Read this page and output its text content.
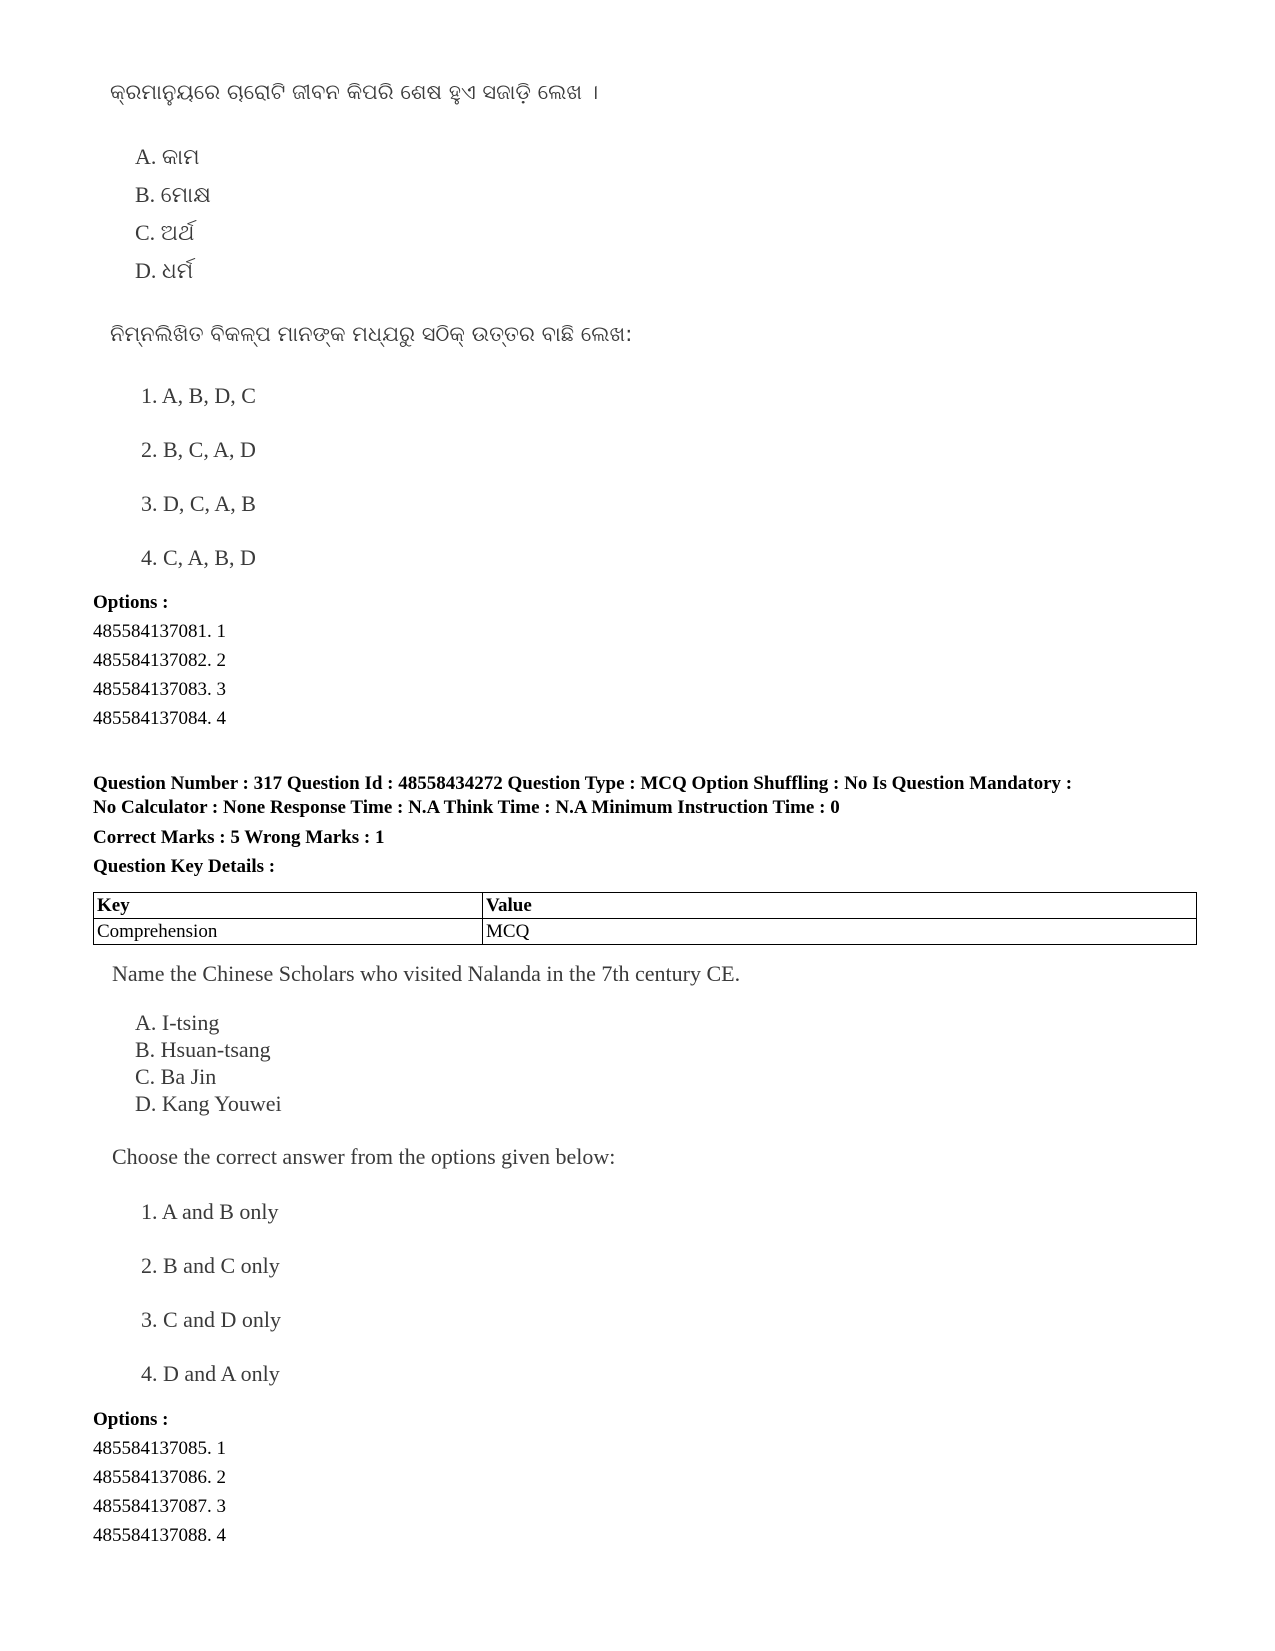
କ୍ରମାନୁୟରେ ଚାରୋଟି ଜୀବନ କିପରି ଶେଷ ହୁଏ ସଜାଡ଼ି ଲେଖ ।
A. କାମ
B. ମୋକ୍ଷ
C. ଅର୍ଥ
D. ଧର୍ମ
ନିମ୍ନଲିଖିତ ବିକଳ୍ପ ମାନଙ୍କ ମଧ୍ଯରୁ ସଠିକ୍ ଉତ୍ତର ବାଛି ଲେଖ:
1. A, B, D, C
2. B, C, A, D
3. D, C, A, B
4. C, A, B, D
Options :
485584137081. 1
485584137082. 2
485584137083. 3
485584137084. 4
Question Number : 317 Question Id : 48558434272 Question Type : MCQ Option Shuffling : No Is Question Mandatory :
No Calculator : None Response Time : N.A Think Time : N.A Minimum Instruction Time : 0
Correct Marks : 5 Wrong Marks : 1
Question Key Details :
Key	Value
Comprehension	MCQ
Name the Chinese Scholars who visited Nalanda in the 7th century CE.
A. I-tsing
B. Hsuan-tsang
C. Ba Jin
D. Kang Youwei
Choose the correct answer from the options given below:
1. A and B only
2. B and C only
3. C and D only
4. D and A only
Options :
485584137085. 1
485584137086. 2
485584137087. 3
485584137088. 4
